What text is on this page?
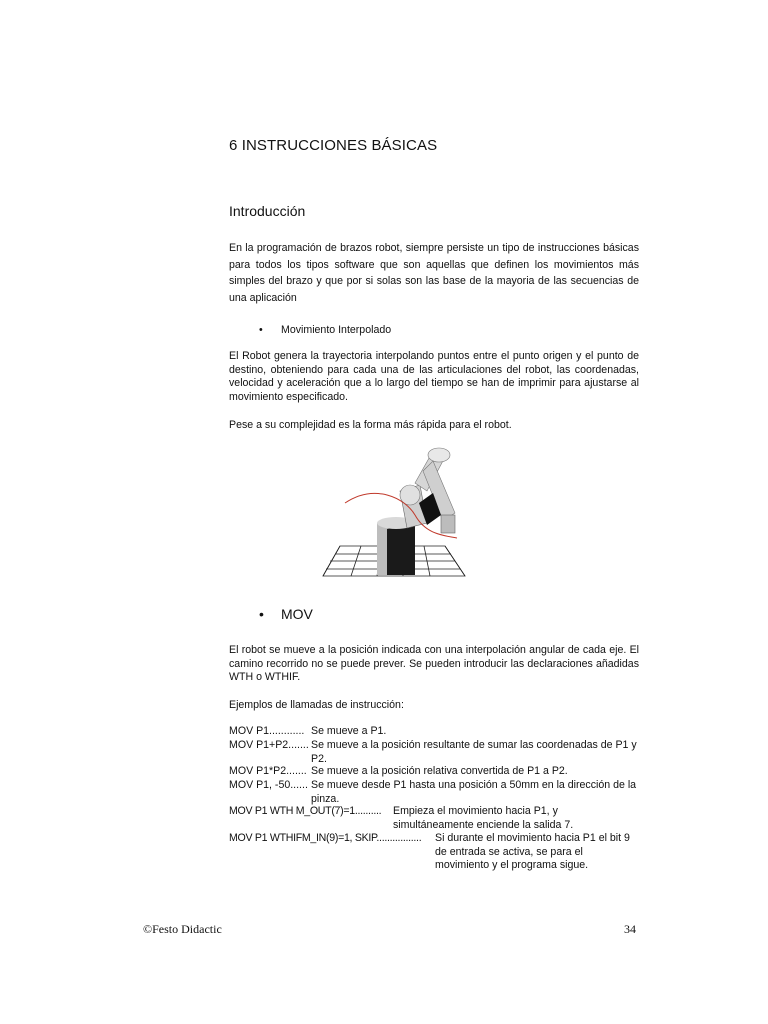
6 INSTRUCCIONES BÁSICAS
Introducción
En la programación de brazos robot, siempre persiste un tipo de instrucciones básicas para todos los tipos software que son aquellas que definen los movimientos más simples del brazo y que por si solas son las base de la mayoria de las secuencias de una aplicación
• Movimiento Interpolado
El Robot genera la trayectoria interpolando puntos entre el punto origen y el punto de destino, obteniendo para cada una de las articulaciones del robot, las coordenadas, velocidad y aceleración que a lo largo del tiempo se han de imprimir para ajustarse al movimiento especificado.
Pese a su complejidad es la forma más rápida para el robot.
• MOV
El robot se mueve a la posición indicada con una interpolación angular de cada eje. El camino recorrido no se puede prever. Se pueden introducir las declaraciones añadidas WTH o WTHIF.
Ejemplos de llamadas de instrucción:
MOV P1............ Se mueve a P1.
MOV P1+P2....... Se mueve a la posición resultante de sumar las coordenadas de P1 y P2.
MOV P1*P2....... Se mueve a la posición relativa convertida de P1 a P2.
MOV P1, -50...... Se mueve desde P1 hasta una posición a 50mm en la dirección de la pinza.
MOV P1 WTH M_OUT(7)=1.......... Empieza el movimiento hacia P1, y simultáneamente enciende la salida 7.
MOV P1 WTHIFM_IN(9)=1, SKIP................. Si durante el movimiento hacia P1 el bit 9 de entrada se activa, se para el movimiento y el programa sigue.
©Festo Didactic	34
